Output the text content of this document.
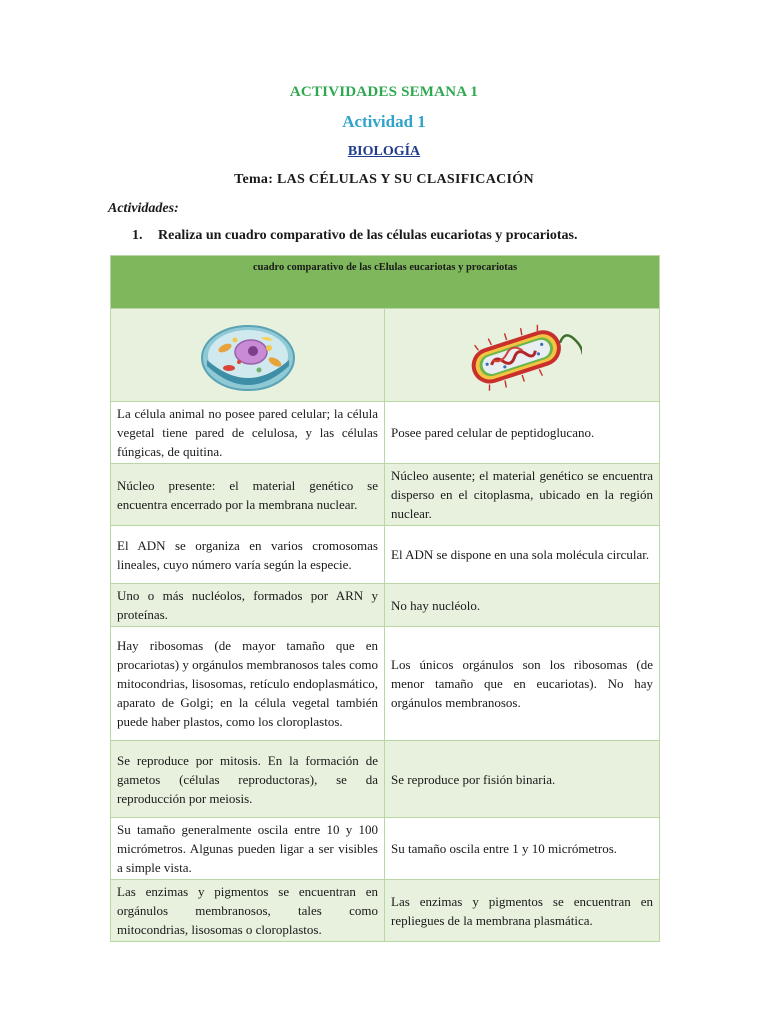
ACTIVIDADES SEMANA 1
Actividad 1
BIOLOGÍA
Tema: LAS CÉLULAS Y SU CLASIFICACIÓN
Actividades:
1. Realiza un cuadro comparativo de las células eucariotas y procariotas.
cuadro comparativo de las cElulas eucariotas y procariotas	

La célula animal no posee pared celular; la célula vegetal tiene pared de celulosa, y las células fúngicas, de quitina.	Posee pared celular de peptidoglucano.
Núcleo presente: el material genético se encuentra encerrado por la membrana nuclear.	Núcleo ausente; el material genético se encuentra disperso en el citoplasma, ubicado en la región nuclear.
El ADN se organiza en varios cromosomas lineales, cuyo número varía según la especie.	El ADN se dispone en una sola molécula circular.
Uno o más nucléolos, formados por ARN y proteínas.	No hay nucléolo.
Hay ribosomas (de mayor tamaño que en procariotas) y orgánulos membranosos tales como mitocondrias, lisosomas, retículo endoplasmático, aparato de Golgi; en la célula vegetal también puede haber plastos, como los cloroplastos.	Los únicos orgánulos son los ribosomas (de menor tamaño que en eucariotas). No hay orgánulos membranosos.
Se reproduce por mitosis. En la formación de gametos (células reproductoras), se da reproducción por meiosis.	Se reproduce por fisión binaria.
Su tamaño generalmente oscila entre 10 y 100 micrómetros. Algunas pueden ligar a ser visibles a simple vista.	Su tamaño oscila entre 1 y 10 micrómetros.
Las enzimas y pigmentos se encuentran en orgánulos membranosos, tales como mitocondrias, lisosomas o cloroplastos.	Las enzimas y pigmentos se encuentran en repliegues de la membrana plasmática.
